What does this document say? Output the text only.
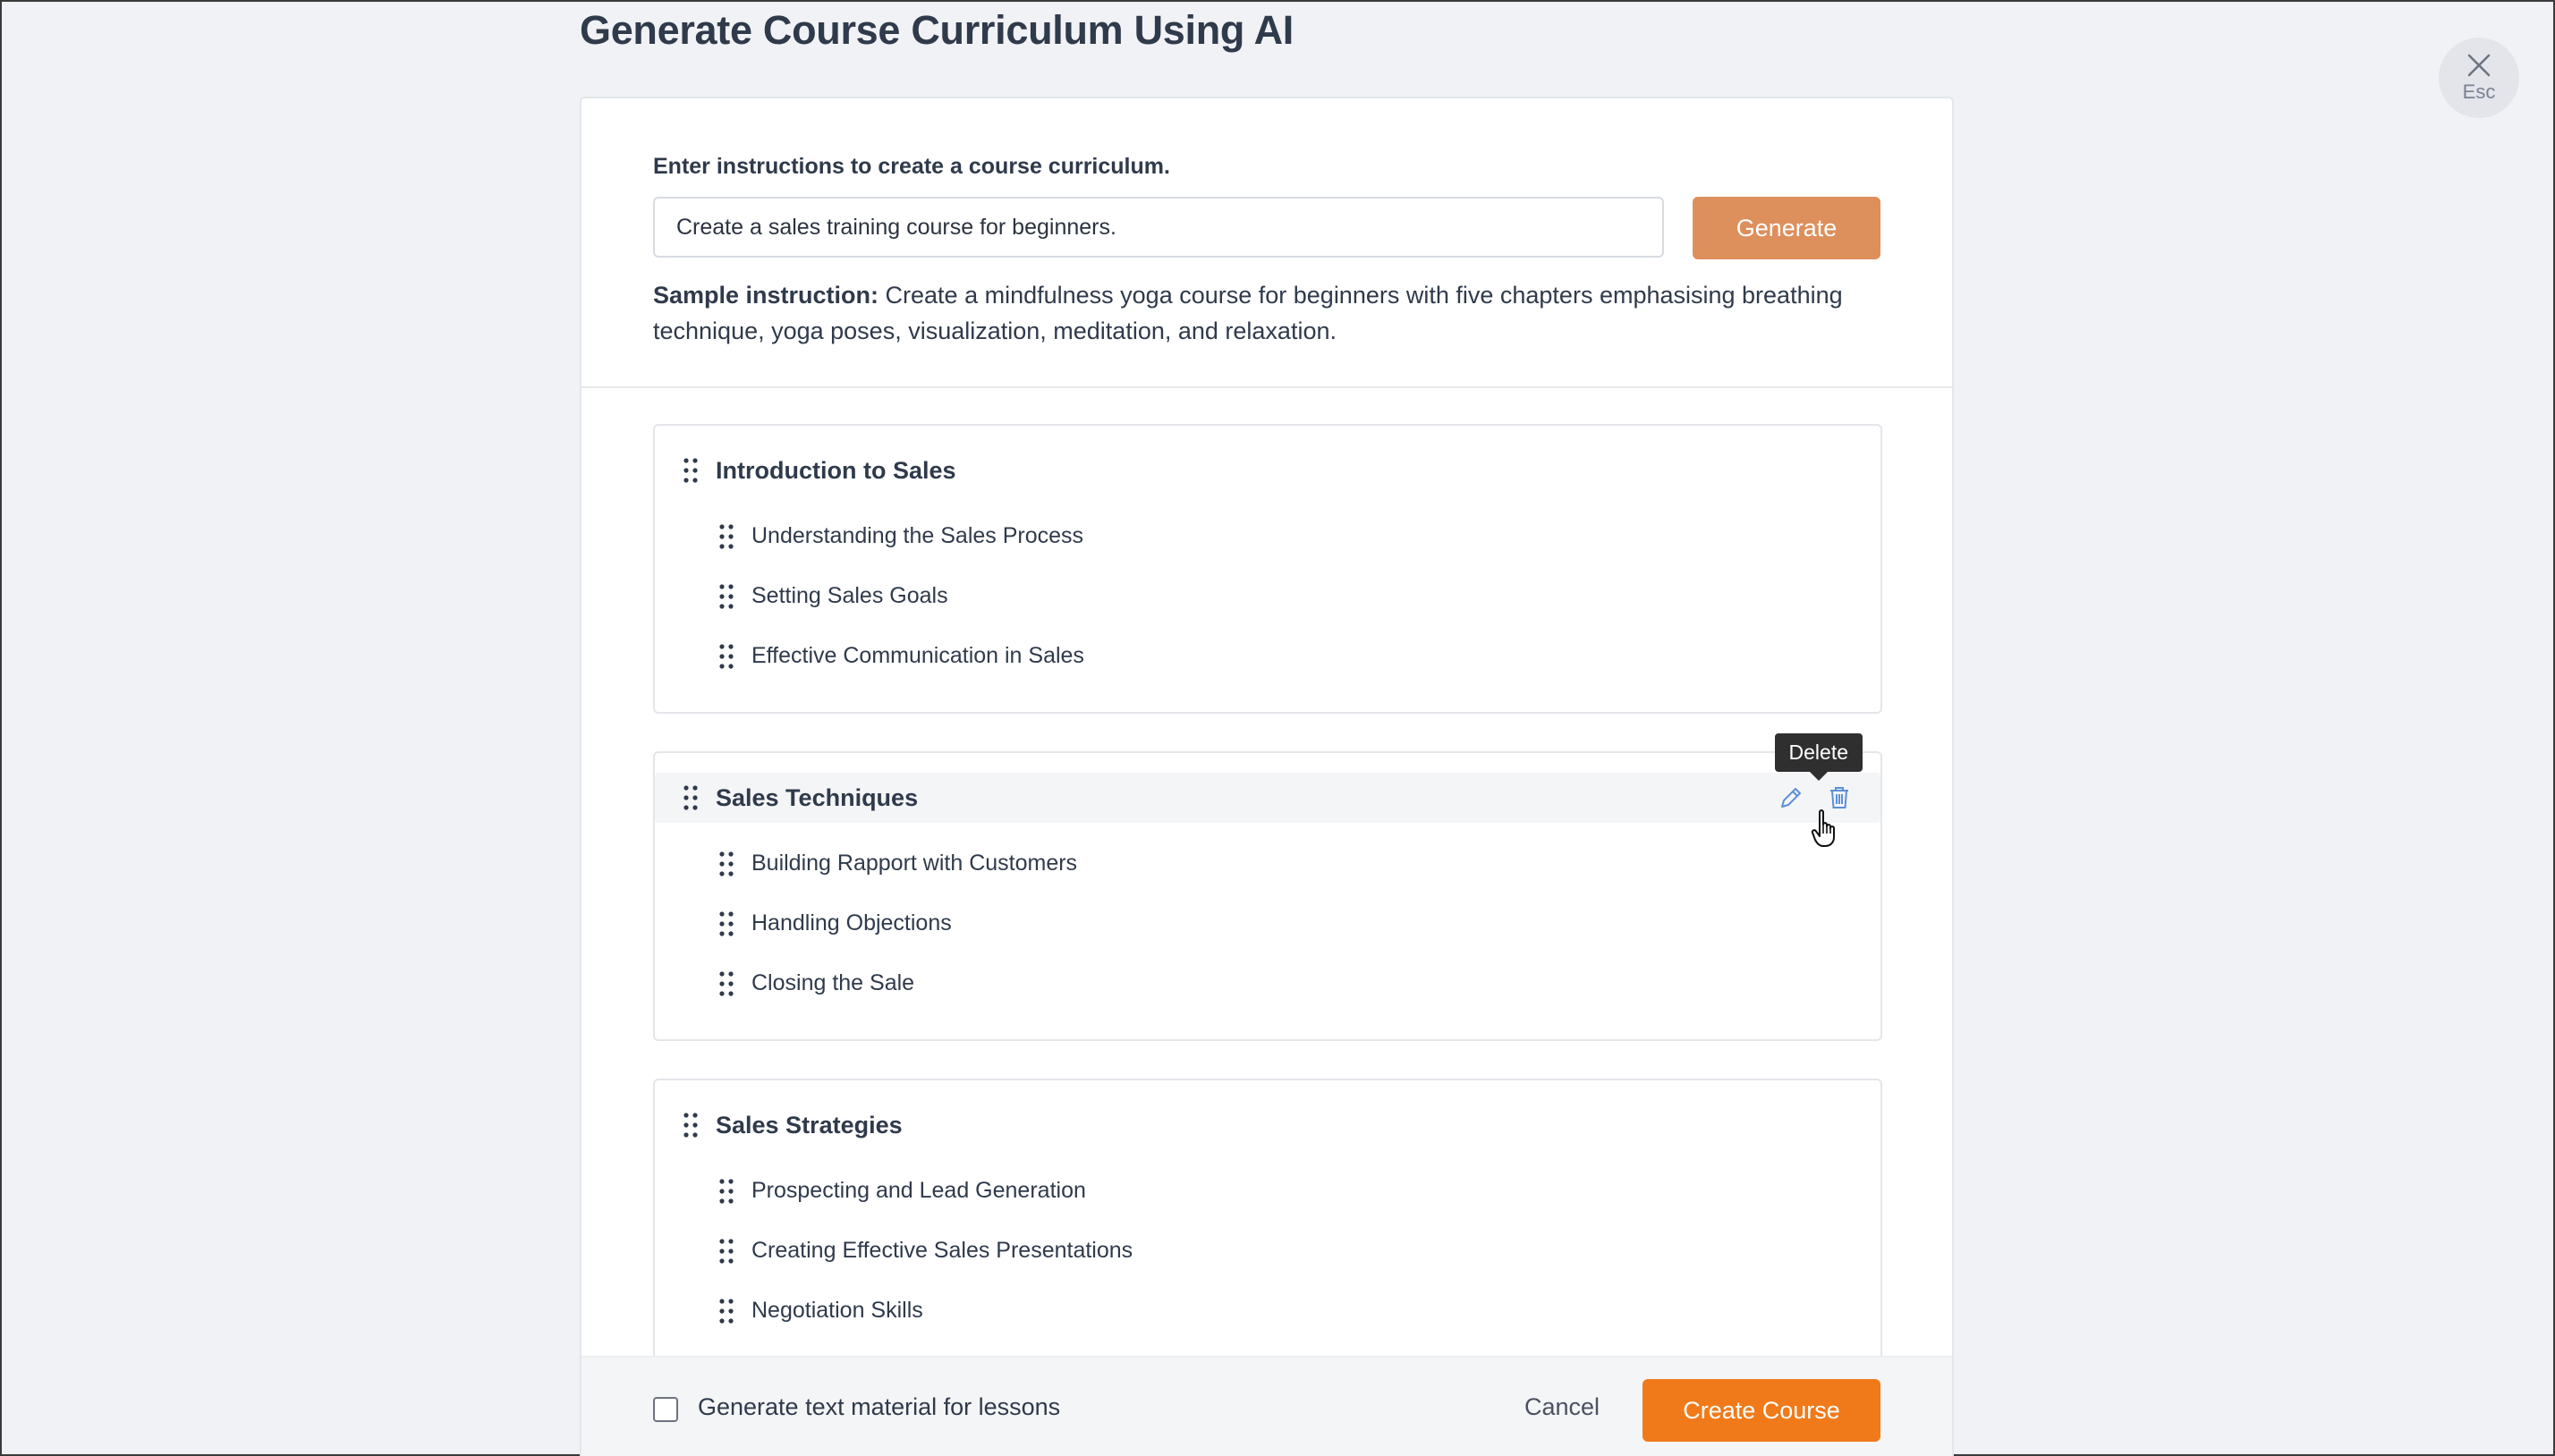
Generate Course Curriculum Using AI
Esc
Enter instructions to create a course curriculum.
Create a sales training course for beginners.
Generate
Sample instruction: Create a mindfulness yoga course for beginners with five chapters emphasising breathing technique, yoga poses, visualization, meditation, and relaxation.
Introduction to Sales
Understanding the Sales Process
Setting Sales Goals
Effective Communication in Sales
Delete
Sales Techniques
Building Rapport with Customers
Handling Objections
Closing the Sale
Sales Strategies
Prospecting and Lead Generation
Creating Effective Sales Presentations
Negotiation Skills
Generate text material for lessons	Cancel	Create Course
